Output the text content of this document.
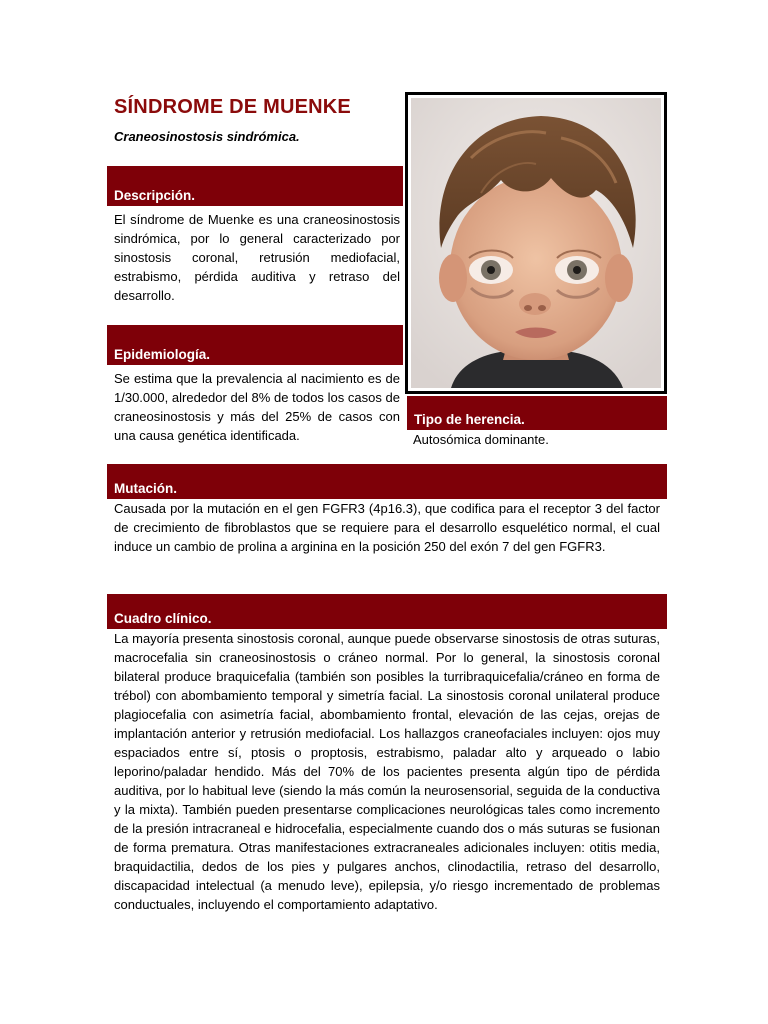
SÍNDROME DE MUENKE
Craneosinostosis sindrómica.
Descripción.

El síndrome de Muenke es una craneosinostosis sindrómica, por lo general caracterizado por sinostosis coronal, retrusión mediofacial, estrabismo, pérdida auditiva y retraso del desarrollo.

Epidemiología.

Se estima que la prevalencia al nacimiento es de 1/30.000, alrededor del 8% de todos los casos de craneosinostosis y más del 25% de casos con una causa genética identificada.

Tipo de herencia.

Autosómica dominante.

Mutación.

Causada por la mutación en el gen FGFR3 (4p16.3), que codifica para el receptor 3 del factor de crecimiento de fibroblastos que se requiere para el desarrollo esquelético normal, el cual induce un cambio de prolina a arginina en la posición 250 del exón 7 del gen FGFR3.

Cuadro clínico.

La mayoría presenta sinostosis coronal, aunque puede observarse sinostosis de otras suturas, macrocefalia sin craneosinostosis o cráneo normal. Por lo general, la sinostosis coronal bilateral produce braquicefalia (también son posibles la turribraquicefalia/cráneo en forma de trébol) con abombamiento temporal y simetría facial. La sinostosis coronal unilateral produce plagiocefalia con asimetría facial, abombamiento frontal, elevación de las cejas, orejas de implantación anterior y retrusión mediofacial. Los hallazgos craneofaciales incluyen: ojos muy espaciados entre sí, ptosis o proptosis, estrabismo, paladar alto y arqueado o labio leporino/paladar hendido. Más del 70% de los pacientes presenta algún tipo de pérdida auditiva, por lo habitual leve (siendo la más común la neurosensorial, seguida de la conductiva y la mixta). También pueden presentarse complicaciones neurológicas tales como incremento de la presión intracraneal e hidrocefalia, especialmente cuando dos o más suturas se fusionan de forma prematura. Otras manifestaciones extracraneales adicionales incluyen: otitis media, braquidactilia, dedos de los pies y pulgares anchos, clinodactilia, retraso del desarrollo, discapacidad intelectual (a menudo leve), epilepsia, y/o riesgo incrementado de problemas conductuales, incluyendo el comportamiento adaptativo.
